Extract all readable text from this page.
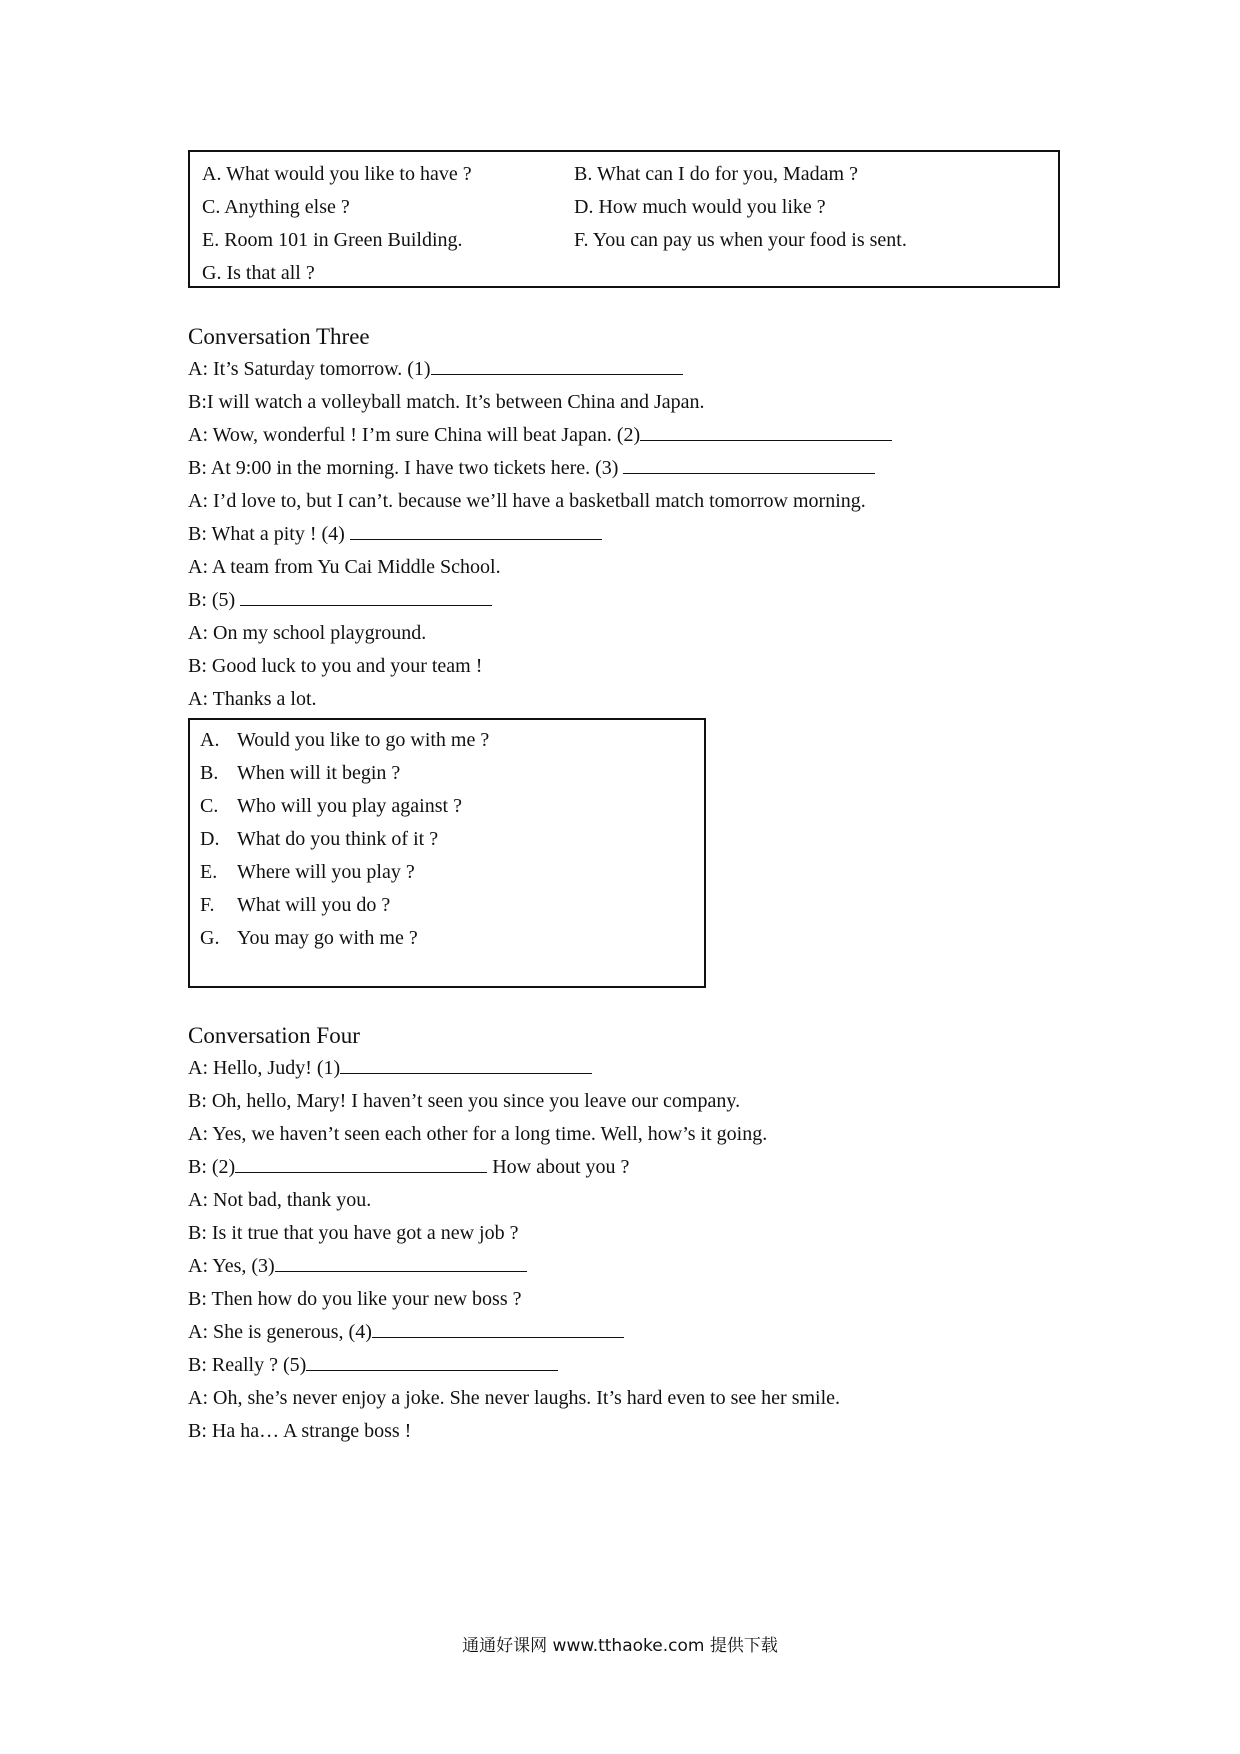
A. What would you like to have ?	B. What can I do for you, Madam ?
C. Anything else ?	D. How much would you like ?
E. Room 101 in Green Building.	F. You can pay us when your food is sent.
G. Is that all ?
Conversation Three
A: It’s Saturday tomorrow. (1)
B:I will watch a volleyball match. It’s between China and Japan.
A: Wow, wonderful ! I’m sure China will beat Japan. (2)
B: At 9:00 in the morning. I have two tickets here. (3)
A: I’d love to, but I can’t. because we’ll have a basketball match tomorrow morning.
B: What a pity ! (4)
A: A team from Yu Cai Middle School.
B: (5)
A: On my school playground.
B: Good luck to you and your team !
A: Thanks a lot.
A. Would you like to go with me ?
B. When will it begin ?
C. Who will you play against ?
D. What do you think of it ?
E. Where will you play ?
F.	What will you do ?
G. You may go with me ?
Conversation Four
A: Hello, Judy! (1)
B: Oh, hello, Mary! I haven’t seen you since you leave our company.
A: Yes, we haven’t seen each other for a long time. Well, how’s it going.
B: (2)	How about you ?
A: Not bad, thank you.
B: Is it true that you have got a new job ?
A: Yes, (3)
B: Then how do you like your new boss ?
A: She is generous, (4)
B: Really ? (5)
A: Oh, she’s never enjoy a joke. She never laughs. It’s hard even to see her smile.
B: Ha ha… A strange boss !
通通好课网 www.tthaoke.com 提供下载
